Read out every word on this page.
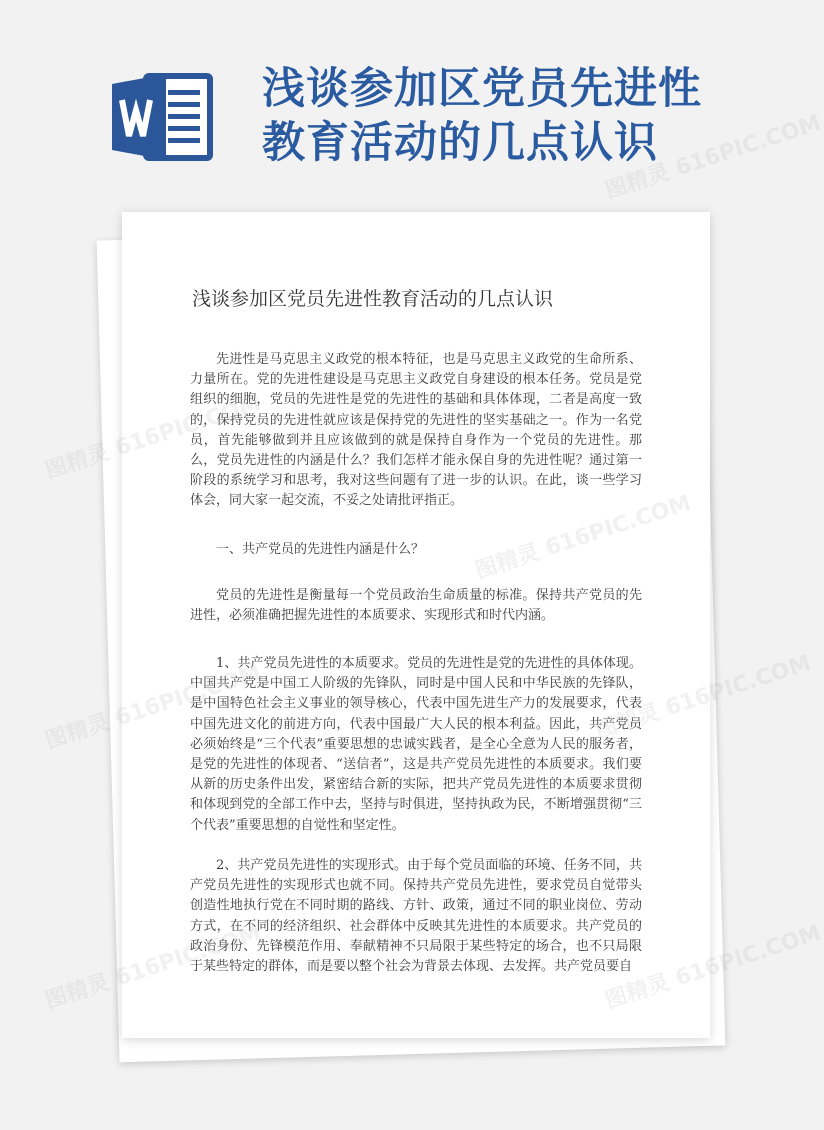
浅谈参加区党员先进性
教育活动的几点认识
浅谈参加区党员先进性教育活动的几点认识

先进性是马克思主义政党的根本特征，也是马克思主义政党的生命所系、力量所在。党的先进性建设是马克思主义政党自身建设的根本任务。党员是党组织的细胞，党员的先进性是党的先进性的基础和具体体现，二者是高度一致的，保持党员的先进性就应该是保持党的先进性的坚实基础之一。作为一名党员，首先能够做到并且应该做到的就是保持自身作为一个党员的先进性。那么，党员先进性的内涵是什么？我们怎样才能永保自身的先进性呢？通过第一阶段的系统学习和思考，我对这些问题有了进一步的认识。在此，谈一些学习体会，同大家一起交流，不妥之处请批评指正。

一、共产党员的先进性内涵是什么？

党员的先进性是衡量每一个党员政治生命质量的标准。保持共产党员的先进性，必须准确把握先进性的本质要求、实现形式和时代内涵。

1、共产党员先进性的本质要求。党员的先进性是党的先进性的具体体现。中国共产党是中国工人阶级的先锋队，同时是中国人民和中华民族的先锋队，是中国特色社会主义事业的领导核心，代表中国先进生产力的发展要求，代表中国先进文化的前进方向，代表中国最广大人民的根本利益。因此，共产党员必须始终是“三个代表”重要思想的忠诚实践者，是全心全意为人民的服务者，是党的先进性的体现者、“送信者”，这是共产党员先进性的本质要求。我们要从新的历史条件出发，紧密结合新的实际，把共产党员先进性的本质要求贯彻和体现到党的全部工作中去，坚持与时俱进，坚持执政为民，不断增强贯彻“三个代表”重要思想的自觉性和坚定性。

2、共产党员先进性的实现形式。由于每个党员面临的环境、任务不同，共产党员先进性的实现形式也就不同。保持共产党员先进性，要求党员自觉带头创造性地执行党在不同时期的路线、方针、政策，通过不同的职业岗位、劳动方式，在不同的经济组织、社会群体中反映其先进性的本质要求。共产党员的政治身份、先锋模范作用、奉献精神不只局限于某些特定的场合，也不只局限于某些特定的群体，而是要以整个社会为背景去体现、去发挥。共产党员要自

图精灵 616PIC.COM
图精灵
图精灵
616PIC.COM
图精灵
616PIC.COM
